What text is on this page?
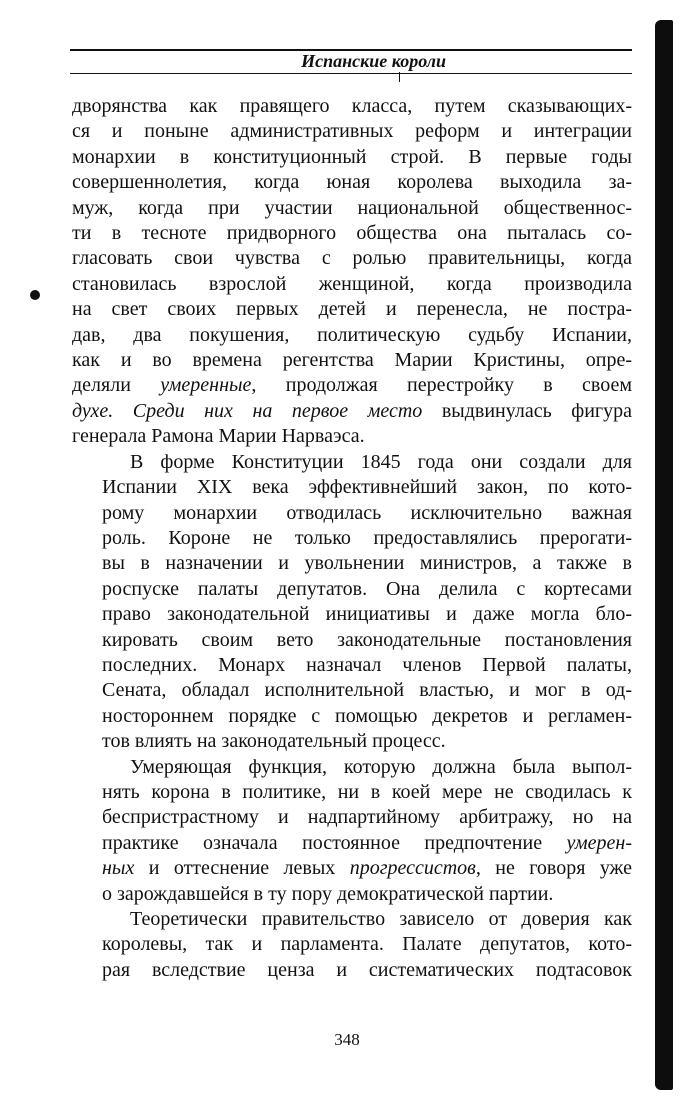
Испанские короли
дворянства как правящего класса, путем сказывающих-
ся и поныне административных реформ и интеграции
монархии в конституционный строй. В первые годы
совершеннолетия, когда юная королева выходила за-
муж, когда при участии национальной общественнос-
ти в тесноте придворного общества она пыталась со-
гласовать свои чувства с ролью правительницы, когда
становилась взрослой женщиной, когда производила
на свет своих первых детей и перенесла, не постра-
дав, два покушения, политическую судьбу Испании,
как и во времена регентства Марии Кристины, опре-
деляли умеренные, продолжая перестройку в своем
духе. Среди них на первое место выдвинулась фигура
генерала Рамона Марии Нарваэса.
В форме Конституции 1845 года они создали для
Испании XIX века эффективнейший закон, по кото-
рому монархии отводилась исключительно важная
роль. Короне не только предоставлялись прерогати-
вы в назначении и увольнении министров, а также в
роспуске палаты депутатов. Она делила с кортесами
право законодательной инициативы и даже могла бло-
кировать своим вето законодательные постановления
последних. Монарх назначал членов Первой палаты,
Сената, обладал исполнительной властью, и мог в од-
ностороннем порядке с помощью декретов и регламен-
тов влиять на законодательный процесс.
Умеряющая функция, которую должна была выпол-
нять корона в политике, ни в коей мере не сводилась к
беспристрастному и надпартийному арбитражу, но на
практике означала постоянное предпочтение умерен-
ных и оттеснение левых прогрессистов, не говоря уже
о зарождавшейся в ту пору демократической партии.
Теоретически правительство зависело от доверия как
королевы, так и парламента. Палате депутатов, кото-
рая вследствие ценза и систематических подтасовок
348
